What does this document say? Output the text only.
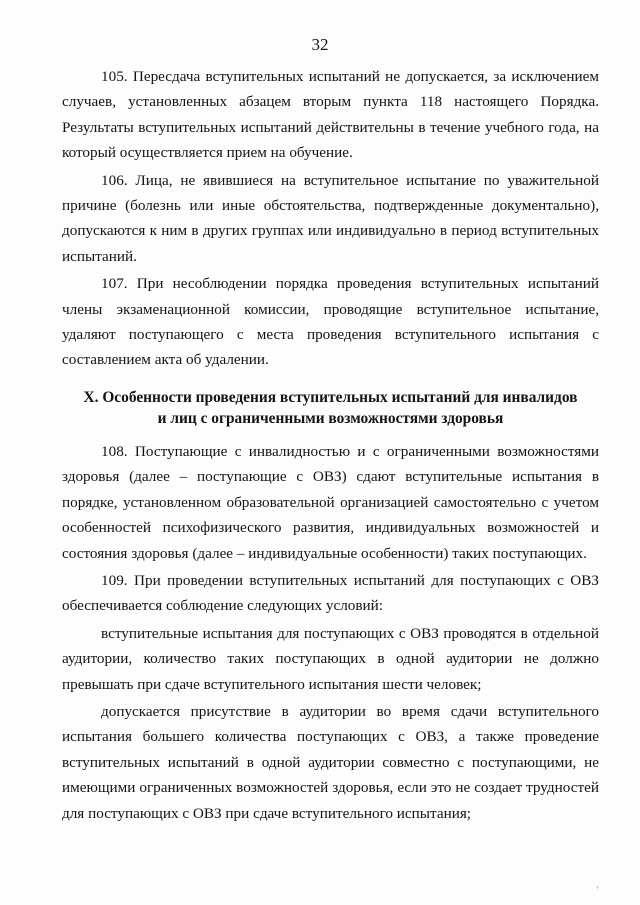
32

105. Пересдача вступительных испытаний не допускается, за исключением случаев, установленных абзацем вторым пункта 118 настоящего Порядка. Результаты вступительных испытаний действительны в течение учебного года, на который осуществляется прием на обучение.

106. Лица, не явившиеся на вступительное испытание по уважительной причине (болезнь или иные обстоятельства, подтвержденные документально), допускаются к ним в других группах или индивидуально в период вступительных испытаний.

107. При несоблюдении порядка проведения вступительных испытаний члены экзаменационной комиссии, проводящие вступительное испытание, удаляют поступающего с места проведения вступительного испытания с составлением акта об удалении.

X. Особенности проведения вступительных испытаний для инвалидов
и лиц с ограниченными возможностями здоровья

108. Поступающие с инвалидностью и с ограниченными возможностями здоровья (далее – поступающие с ОВЗ) сдают вступительные испытания в порядке, установленном образовательной организацией самостоятельно с учетом особенностей психофизического развития, индивидуальных возможностей и состояния здоровья (далее – индивидуальные особенности) таких поступающих.

109. При проведении вступительных испытаний для поступающих с ОВЗ обеспечивается соблюдение следующих условий:

вступительные испытания для поступающих с ОВЗ проводятся в отдельной аудитории, количество таких поступающих в одной аудитории не должно превышать при сдаче вступительного испытания шести человек;

допускается присутствие в аудитории во время сдачи вступительного испытания большего количества поступающих с ОВЗ, а также проведение вступительных испытаний в одной аудитории совместно с поступающими, не имеющими ограниченных возможностей здоровья, если это не создает трудностей для поступающих с ОВЗ при сдаче вступительного испытания;

'
